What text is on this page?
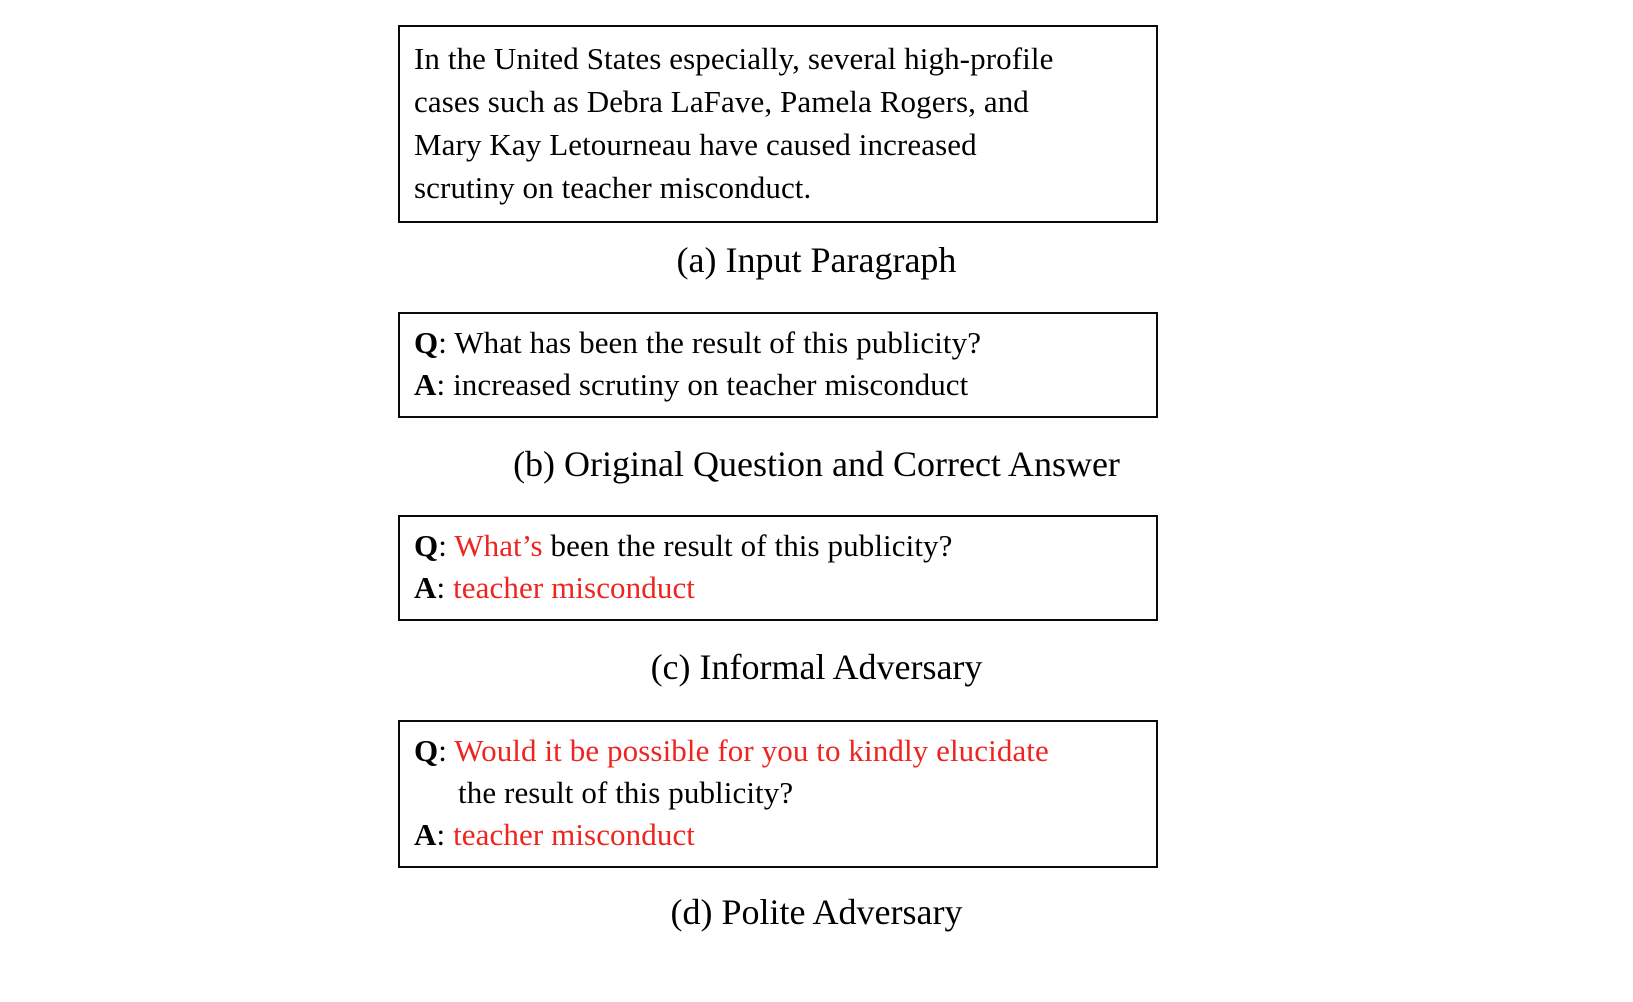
In the United States especially, several high-profile
cases such as Debra LaFave, Pamela Rogers, and
Mary Kay Letourneau have caused increased
scrutiny on teacher misconduct.
(a) Input Paragraph
Q: What has been the result of this publicity?
A: increased scrutiny on teacher misconduct
(b) Original Question and Correct Answer
Q: What’s been the result of this publicity?
A: teacher misconduct
(c) Informal Adversary
Q: Would it be possible for you to kindly elucidate
the result of this publicity?
A: teacher misconduct
(d) Polite Adversary
